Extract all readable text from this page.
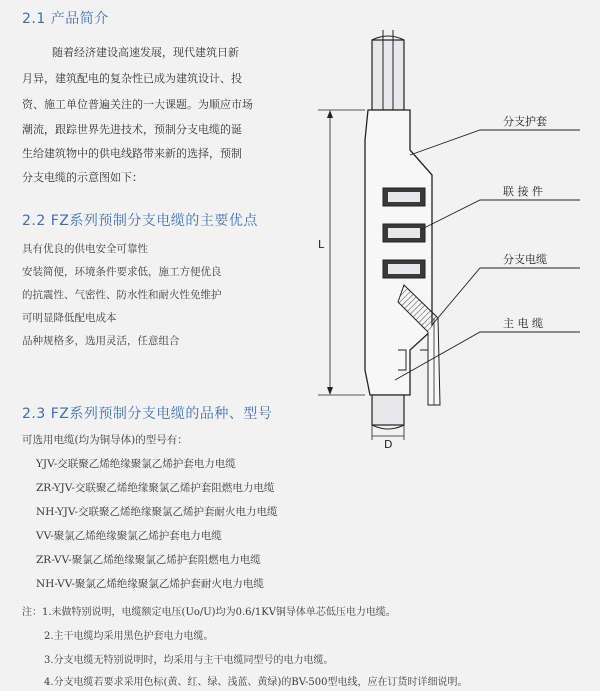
2.1 产品简介
随着经济建设高速发展，现代建筑日新
月异，建筑配电的复杂性已成为建筑设计、投
资、施工单位普遍关注的一大课题。为顺应市场
潮流，跟踪世界先进技术，预制分支电缆的诞
生给建筑物中的供电线路带来新的选择，预制
分支电缆的示意图如下：
2.2 FZ系列预制分支电缆的主要优点
具有优良的供电安全可靠性
安装简便，环境条件要求低，施工方便优良
的抗震性、气密性、防水性和耐火性免维护
可明显降低配电成本
品种规格多，选用灵活，任意组合
2.3 FZ系列预制分支电缆的品种、型号
可选用电缆(均为铜导体)的型号有：
YJV-交联聚乙烯绝缘聚氯乙烯护套电力电缆
ZR-YJV-交联聚乙烯绝缘聚氯乙烯护套阻燃电力电缆
NH-YJV-交联聚乙烯绝缘聚氯乙烯护套耐火电力电缆
VV-聚氯乙烯绝缘聚氯乙烯护套电力电缆
ZR-VV-聚氯乙烯绝缘聚氯乙烯护套阻燃电力电缆
NH-VV-聚氯乙烯绝缘聚氯乙烯护套耐火电力电缆
注：1.未做特别说明，电缆额定电压(Uo/U)均为0.6/1KV铜导体单芯低压电力电缆。
2.主干电缆均采用黑色护套电力电缆。
3.分支电缆无特别说明时，均采用与主干电缆同型号的电力电缆。
4.分支电缆若要求采用色标(黄、红、绿、浅蓝、黄绿)的BV-500型电线，应在订货时详细说明。
L
D
分支护套
联 接 件
分支电缆
主 电 缆
